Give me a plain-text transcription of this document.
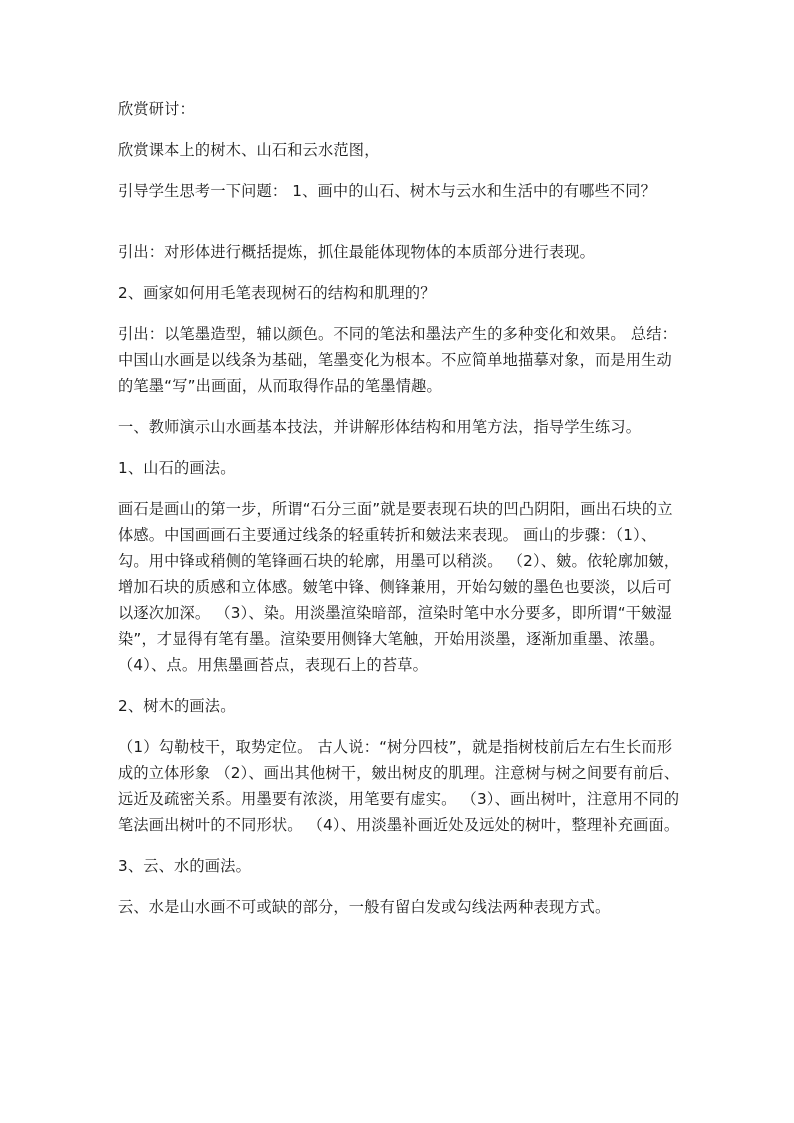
欣赏研讨：

欣赏课本上的树木、山石和云水范图，

引导学生思考一下问题： 1、画中的山石、树木与云水和生活中的有哪些不同？

引出：对形体进行概括提炼，抓住最能体现物体的本质部分进行表现。

2、画家如何用毛笔表现树石的结构和肌理的？

引出：以笔墨造型，辅以颜色。不同的笔法和墨法产生的多种变化和效果。 总结：中国山水画是以线条为基础，笔墨变化为根本。不应简单地描摹对象，而是用生动的笔墨“写”出画面，从而取得作品的笔墨情趣。

一、教师演示山水画基本技法，并讲解形体结构和用笔方法，指导学生练习。

1、山石的画法。

画石是画山的第一步，所谓“石分三面”就是要表现石块的凹凸阴阳，画出石块的立体感。中国画画石主要通过线条的轻重转折和皴法来表现。 画山的步骤：（1）、勾。用中锋或稍侧的笔锋画石块的轮廓，用墨可以稍淡。 （2）、皴。依轮廓加皴，增加石块的质感和立体感。皴笔中锋、侧锋兼用，开始勾皴的墨色也要淡，以后可以逐次加深。 （3）、染。用淡墨渲染暗部，渲染时笔中水分要多，即所谓“干皴湿染”，才显得有笔有墨。渲染要用侧锋大笔触，开始用淡墨，逐渐加重墨、浓墨。 （4）、点。用焦墨画苔点，表现石上的苔草。

2、树木的画法。

（1）勾勒枝干，取势定位。 古人说：“树分四枝”，就是指树枝前后左右生长而形成的立体形象 （2）、画出其他树干，皴出树皮的肌理。注意树与树之间要有前后、远近及疏密关系。用墨要有浓淡，用笔要有虚实。 （3）、画出树叶，注意用不同的笔法画出树叶的不同形状。 （4）、用淡墨补画近处及远处的树叶，整理补充画面。

3、云、水的画法。

云、水是山水画不可或缺的部分，一般有留白发或勾线法两种表现方式。
